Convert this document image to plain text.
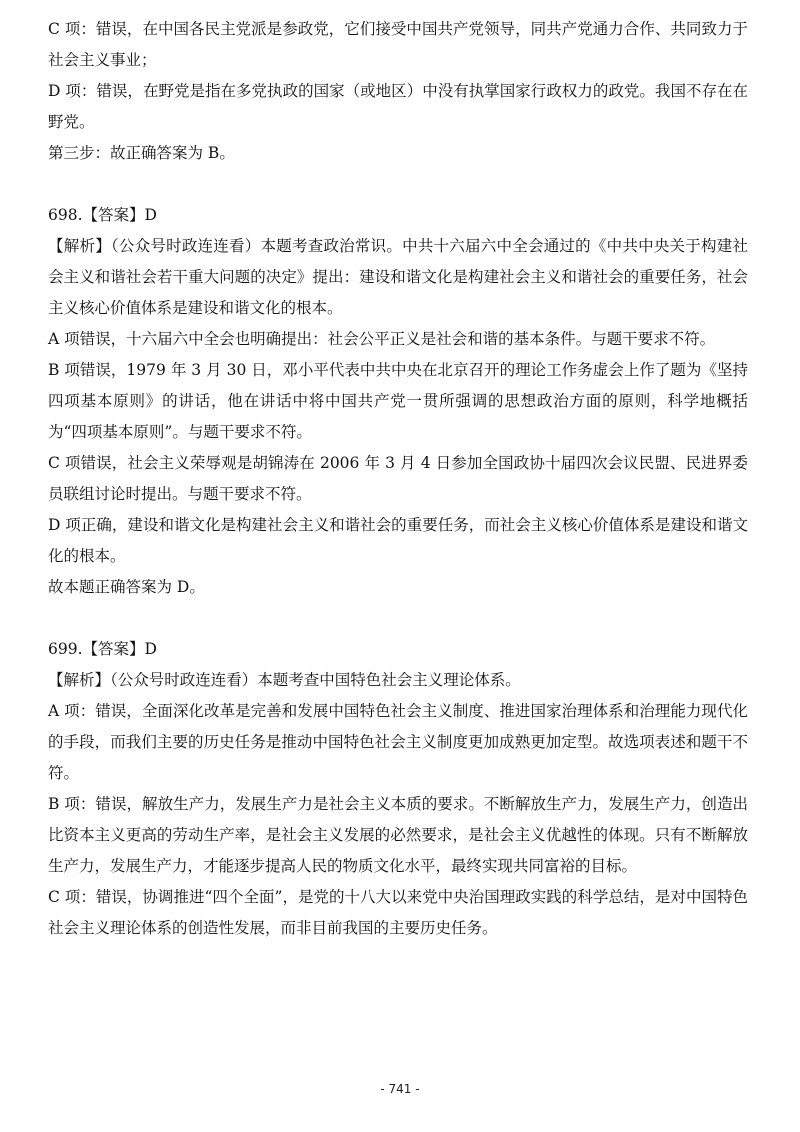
C 项：错误，在中国各民主党派是参政党，它们接受中国共产党领导，同共产党通力合作、共同致力于社会主义事业；

D 项：错误，在野党是指在多党执政的国家（或地区）中没有执掌国家行政权力的政党。我国不存在在野党。

第三步：故正确答案为 B。

698.【答案】D

【解析】（公众号时政连连看）本题考查政治常识。中共十六届六中全会通过的《中共中央关于构建社会主义和谐社会若干重大问题的决定》提出：建设和谐文化是构建社会主义和谐社会的重要任务，社会主义核心价值体系是建设和谐文化的根本。

A 项错误，十六届六中全会也明确提出：社会公平正义是社会和谐的基本条件。与题干要求不符。

B 项错误，1979 年 3 月 30 日，邓小平代表中共中央在北京召开的理论工作务虚会上作了题为《坚持四项基本原则》的讲话，他在讲话中将中国共产党一贯所强调的思想政治方面的原则，科学地概括为“四项基本原则”。与题干要求不符。

C 项错误，社会主义荣辱观是胡锦涛在 2006 年 3 月 4 日参加全国政协十届四次会议民盟、民进界委员联组讨论时提出。与题干要求不符。

D 项正确，建设和谐文化是构建社会主义和谐社会的重要任务，而社会主义核心价值体系是建设和谐文化的根本。

故本题正确答案为 D。

699.【答案】D

【解析】（公众号时政连连看）本题考查中国特色社会主义理论体系。

A 项：错误，全面深化改革是完善和发展中国特色社会主义制度、推进国家治理体系和治理能力现代化的手段，而我们主要的历史任务是推动中国特色社会主义制度更加成熟更加定型。故选项表述和题干不符。

B 项：错误，解放生产力，发展生产力是社会主义本质的要求。不断解放生产力，发展生产力，创造出比资本主义更高的劳动生产率，是社会主义发展的必然要求，是社会主义优越性的体现。只有不断解放生产力，发展生产力，才能逐步提高人民的物质文化水平，最终实现共同富裕的目标。

C 项：错误，协调推进“四个全面”，是党的十八大以来党中央治国理政实践的科学总结，是对中国特色社会主义理论体系的创造性发展，而非目前我国的主要历史任务。

- 741 -
